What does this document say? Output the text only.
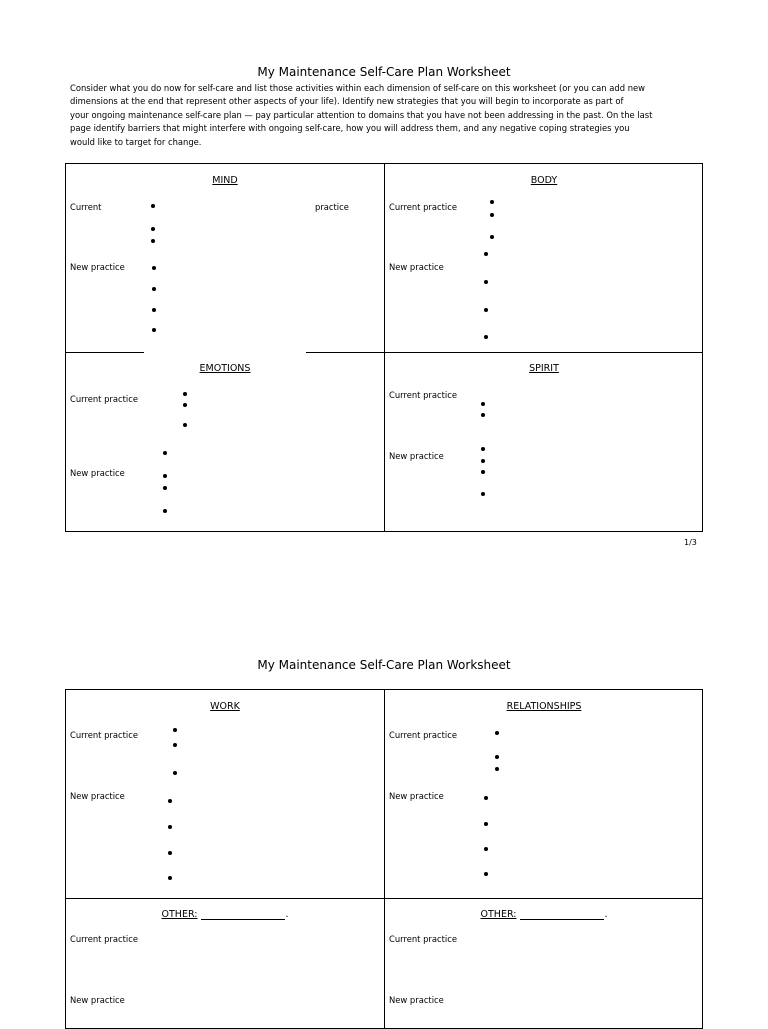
My Maintenance Self-Care Plan Worksheet
Consider what you do now for self-care and list those activities within each dimension of self-care on this worksheet (or you can add new
dimensions at the end that represent other aspects of your life). Identify new strategies that you will begin to incorporate as part of
your ongoing maintenance self-care plan — pay particular attention to domains that you have not been addressing in the past. On the last
page identify barriers that might interfere with ongoing self-care, how you will address them, and any negative coping strategies you
would like to target for change.
MIND
Current	practice
New practice
BODY
Current practice
New practice
EMOTIONS
Current practice
New practice
SPIRIT
Current practice
New practice
1/3
My Maintenance Self-Care Plan Worksheet
WORK
Current practice
New practice
RELATIONSHIPS
Current practice
New practice
OTHER:	.
Current practice
New practice
OTHER:	.
Current practice
New practice
